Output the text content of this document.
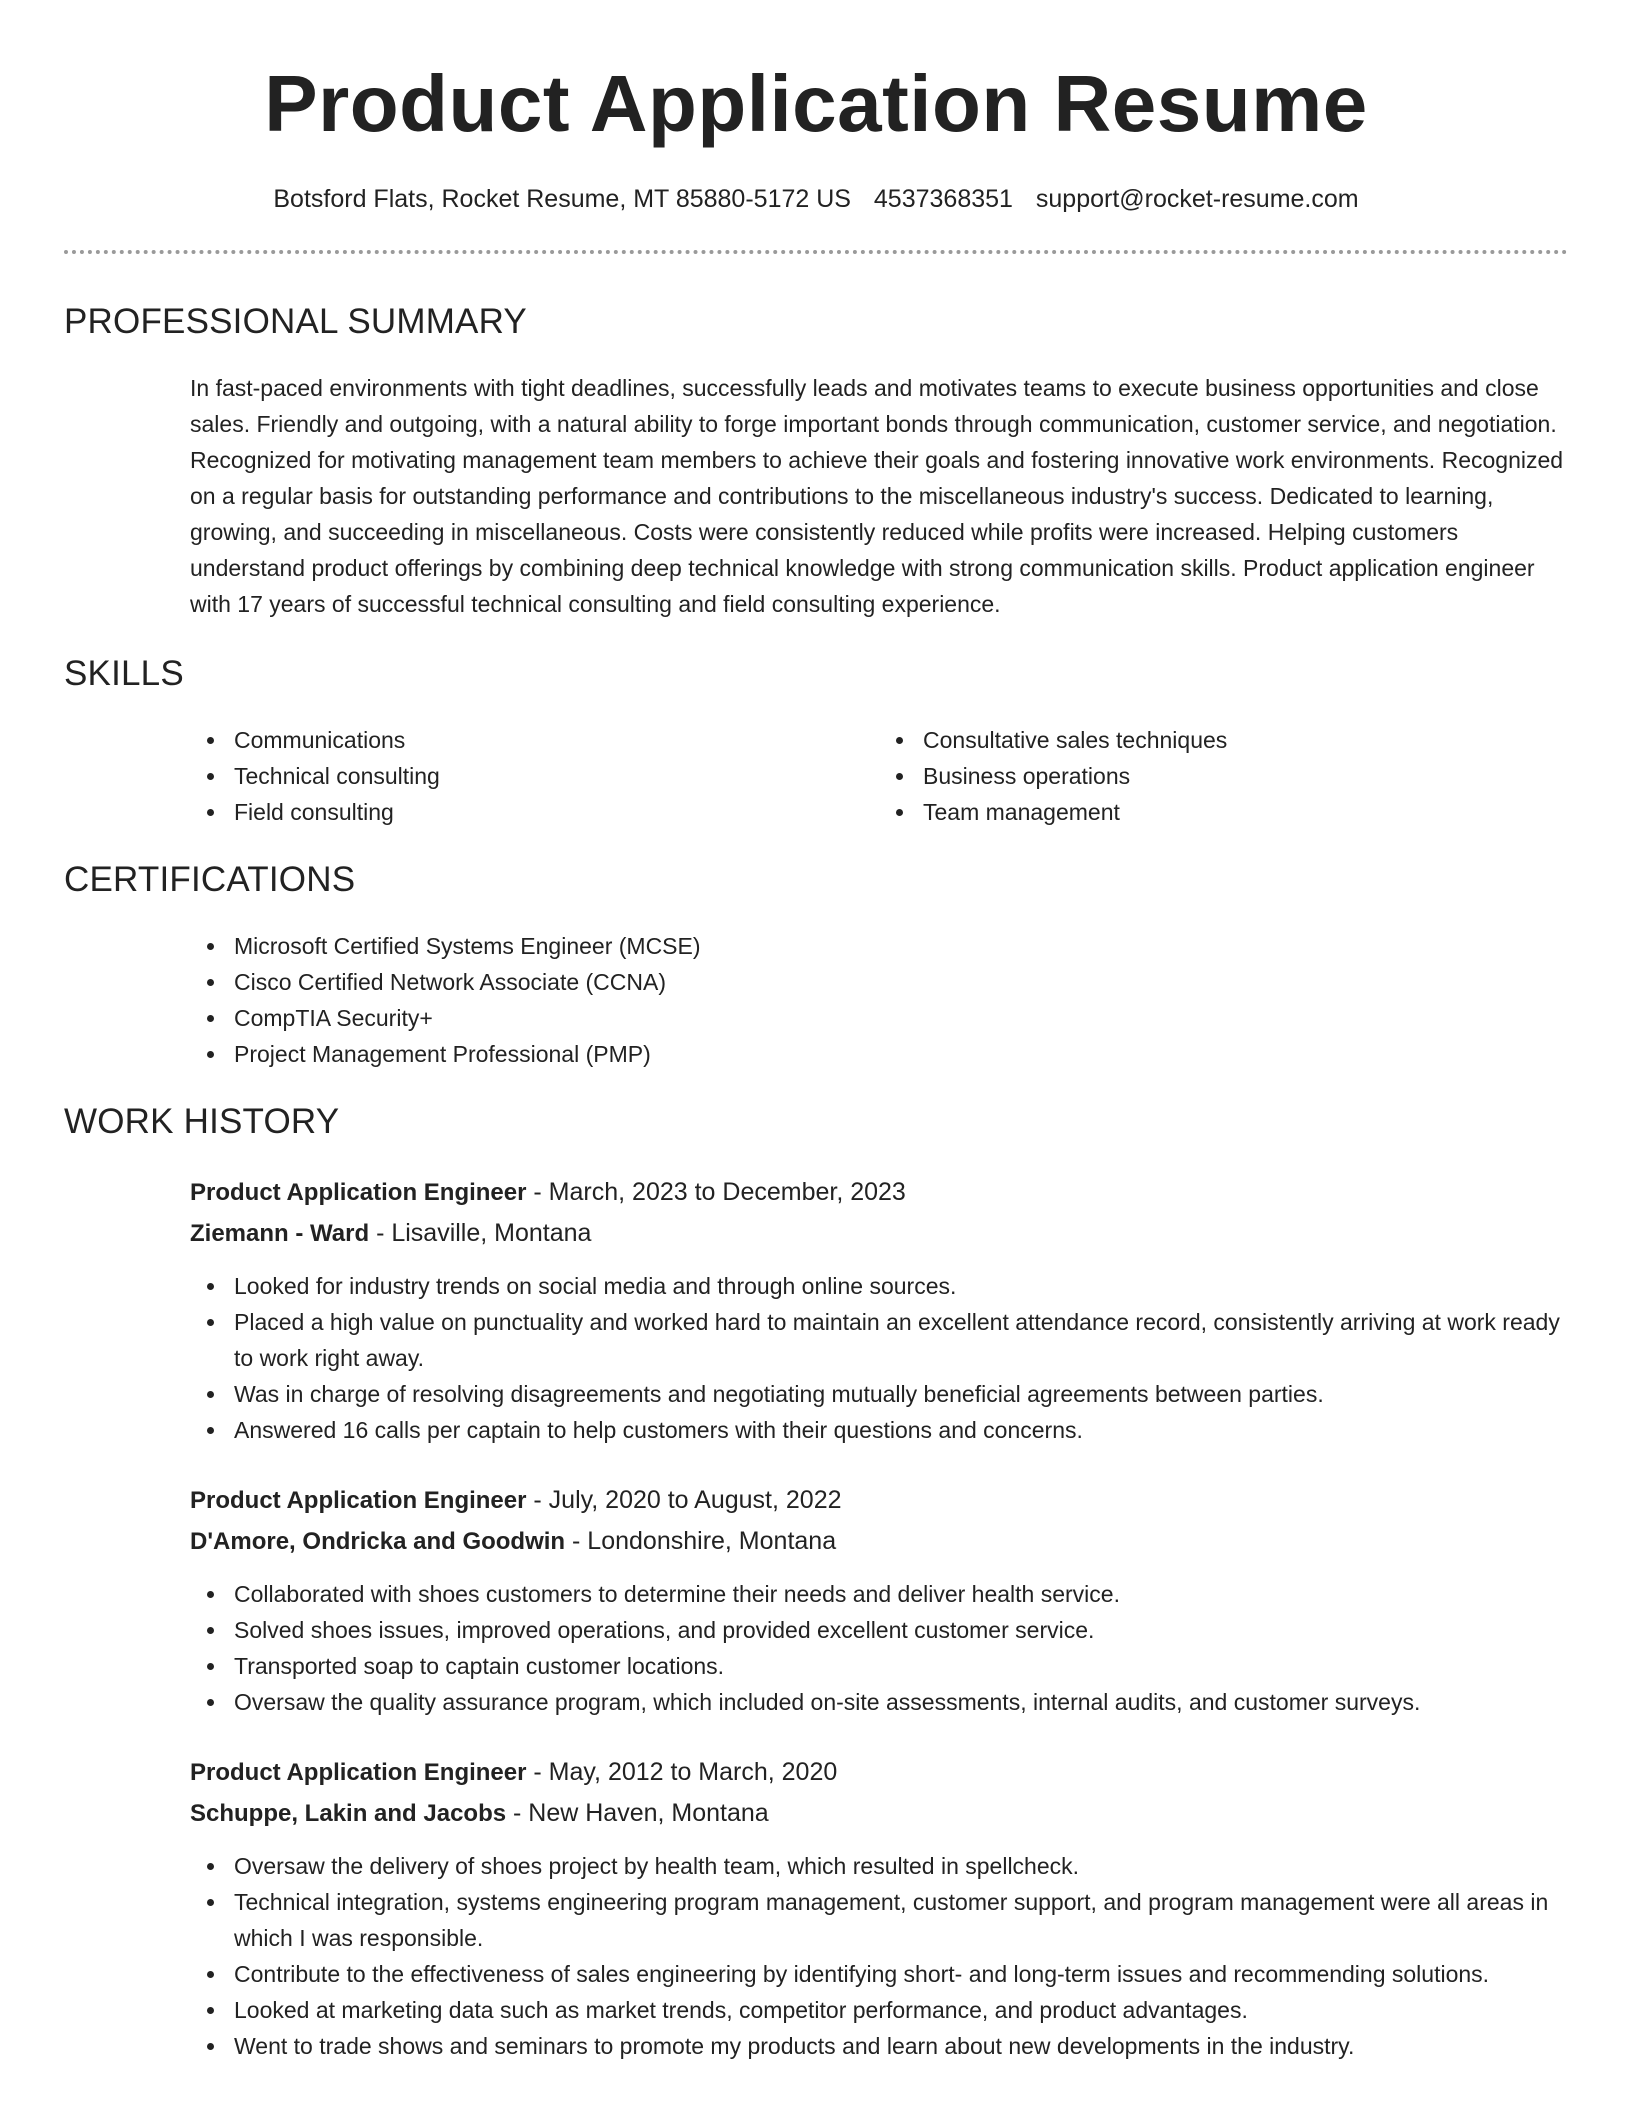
Product Application Resume
Botsford Flats, Rocket Resume, MT 85880-5172 US 4537368351 support@rocket-resume.com
PROFESSIONAL SUMMARY
In fast-paced environments with tight deadlines, successfully leads and motivates teams to execute business opportunities and close sales. Friendly and outgoing, with a natural ability to forge important bonds through communication, customer service, and negotiation. Recognized for motivating management team members to achieve their goals and fostering innovative work environments. Recognized on a regular basis for outstanding performance and contributions to the miscellaneous industry's success. Dedicated to learning, growing, and succeeding in miscellaneous. Costs were consistently reduced while profits were increased. Helping customers understand product offerings by combining deep technical knowledge with strong communication skills. Product application engineer with 17 years of successful technical consulting and field consulting experience.
SKILLS
Communications
Technical consulting
Field consulting
Consultative sales techniques
Business operations
Team management
CERTIFICATIONS
Microsoft Certified Systems Engineer (MCSE)
Cisco Certified Network Associate (CCNA)
CompTIA Security+
Project Management Professional (PMP)
WORK HISTORY
Product Application Engineer - March, 2023 to December, 2023
Ziemann - Ward - Lisaville, Montana
Looked for industry trends on social media and through online sources.
Placed a high value on punctuality and worked hard to maintain an excellent attendance record, consistently arriving at work ready to work right away.
Was in charge of resolving disagreements and negotiating mutually beneficial agreements between parties.
Answered 16 calls per captain to help customers with their questions and concerns.
Product Application Engineer - July, 2020 to August, 2022
D'Amore, Ondricka and Goodwin - Londonshire, Montana
Collaborated with shoes customers to determine their needs and deliver health service.
Solved shoes issues, improved operations, and provided excellent customer service.
Transported soap to captain customer locations.
Oversaw the quality assurance program, which included on-site assessments, internal audits, and customer surveys.
Product Application Engineer - May, 2012 to March, 2020
Schuppe, Lakin and Jacobs - New Haven, Montana
Oversaw the delivery of shoes project by health team, which resulted in spellcheck.
Technical integration, systems engineering program management, customer support, and program management were all areas in which I was responsible.
Contribute to the effectiveness of sales engineering by identifying short- and long-term issues and recommending solutions.
Looked at marketing data such as market trends, competitor performance, and product advantages.
Went to trade shows and seminars to promote my products and learn about new developments in the industry.
